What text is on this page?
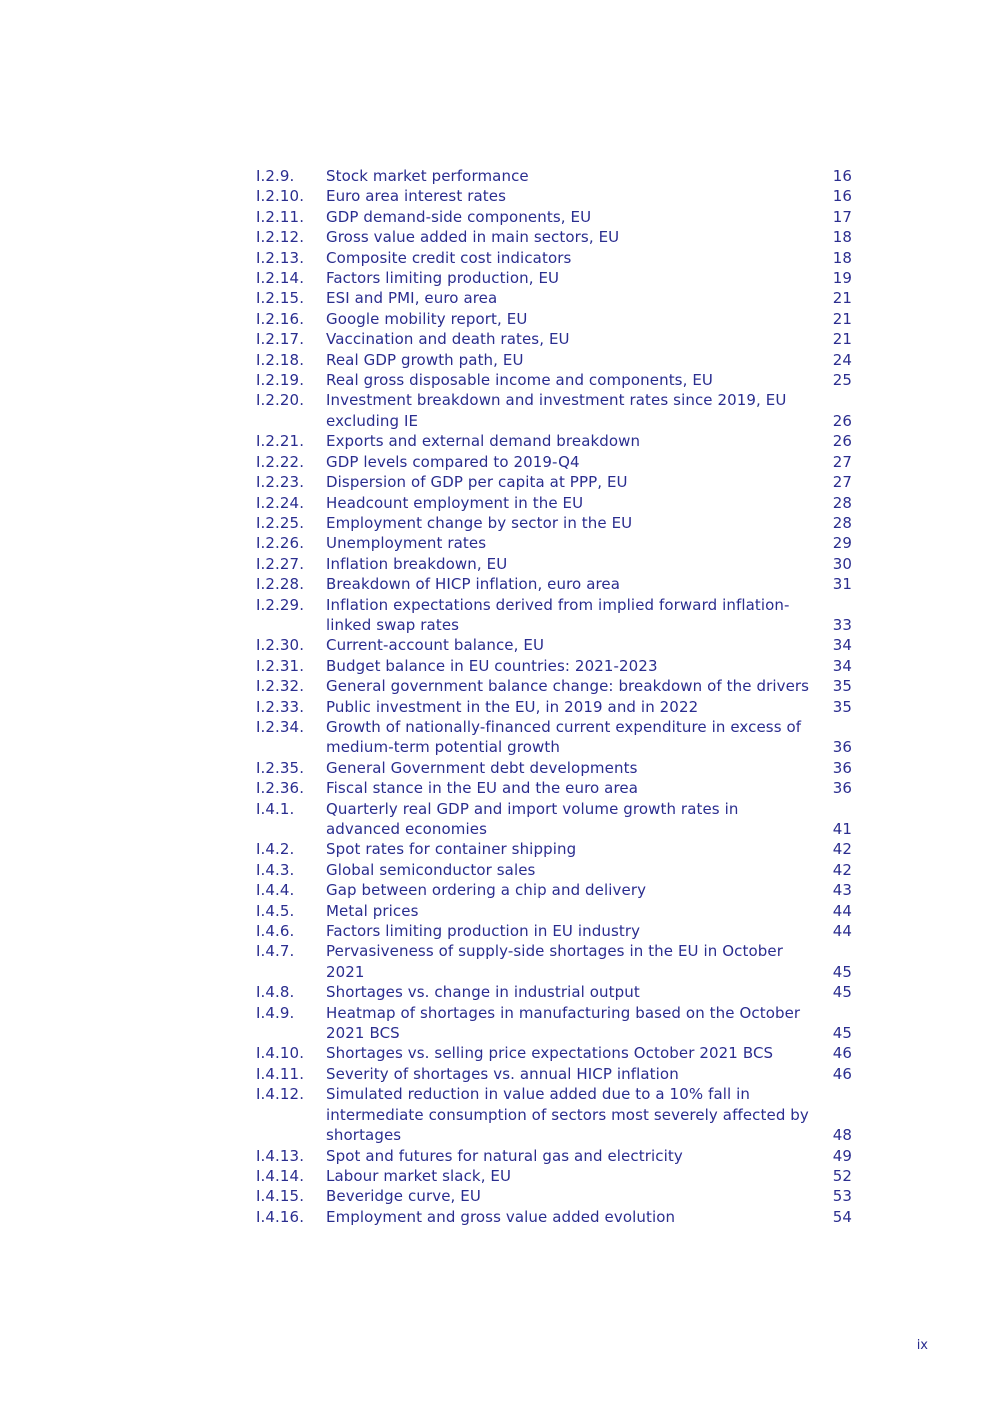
I.2.9.	Stock market performance	16
I.2.10.	Euro area interest rates	16
I.2.11.	GDP demand-side components, EU	17
I.2.12.	Gross value added in main sectors, EU	18
I.2.13.	Composite credit cost indicators	18
I.2.14.	Factors limiting production, EU	19
I.2.15.	ESI and PMI, euro area	21
I.2.16.	Google mobility report, EU	21
I.2.17.	Vaccination and death rates, EU	21
I.2.18.	Real GDP growth path, EU	24
I.2.19.	Real gross disposable income and components, EU	25
I.2.20.	Investment breakdown and investment rates since 2019, EU excluding IE	26
I.2.21.	Exports and external demand breakdown	26
I.2.22.	GDP levels compared to 2019-Q4	27
I.2.23.	Dispersion of GDP per capita at PPP, EU	27
I.2.24.	Headcount employment in the EU	28
I.2.25.	Employment change by sector in the EU	28
I.2.26.	Unemployment rates	29
I.2.27.	Inflation breakdown, EU	30
I.2.28.	Breakdown of HICP inflation, euro area	31
I.2.29.	Inflation expectations derived from implied forward inflation-linked swap rates	33
I.2.30.	Current-account balance, EU	34
I.2.31.	Budget balance in EU countries: 2021-2023	34
I.2.32.	General government balance change: breakdown of the drivers	35
I.2.33.	Public investment in the EU, in 2019 and in 2022	35
I.2.34.	Growth of nationally-financed current expenditure in excess of medium-term potential growth	36
I.2.35.	General Government debt developments	36
I.2.36.	Fiscal stance in the EU and the euro area	36
I.4.1.	Quarterly real GDP and import volume growth rates in advanced economies	41
I.4.2.	Spot rates for container shipping	42
I.4.3.	Global semiconductor sales	42
I.4.4.	Gap between ordering a chip and delivery	43
I.4.5.	Metal prices	44
I.4.6.	Factors limiting production in EU industry	44
I.4.7.	Pervasiveness of supply-side shortages in the EU in October 2021	45
I.4.8.	Shortages vs. change in industrial output	45
I.4.9.	Heatmap of shortages in manufacturing based on the October 2021 BCS	45
I.4.10.	Shortages vs. selling price expectations October 2021 BCS	46
I.4.11.	Severity of shortages vs. annual HICP inflation	46
I.4.12.	Simulated reduction in value added due to a 10% fall in intermediate consumption of sectors most severely affected by shortages	48
I.4.13.	Spot and futures for natural gas and electricity	49
I.4.14.	Labour market slack, EU	52
I.4.15.	Beveridge curve, EU	53
I.4.16.	Employment and gross value added evolution	54
ix
